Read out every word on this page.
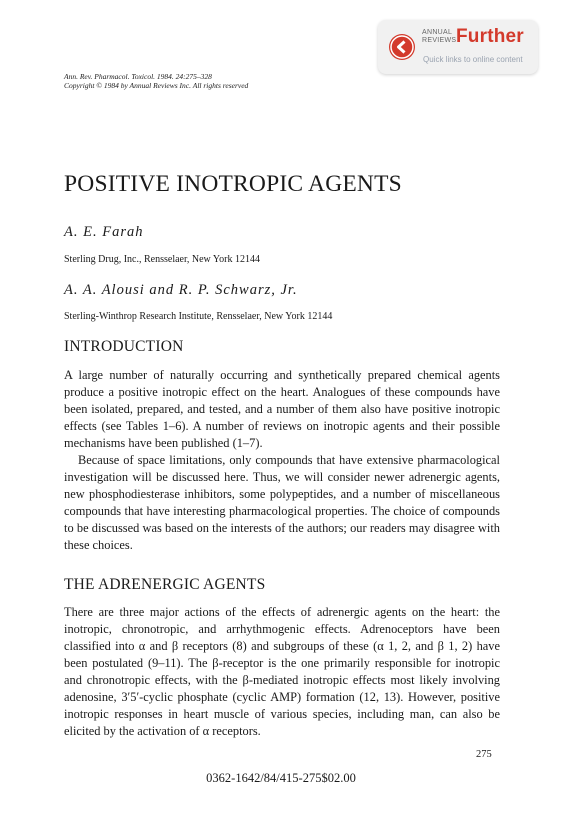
ANNUAL
REVIEWS Further
Quick links to online content
Ann. Rev. Pharmacol. Toxicol. 1984. 24:275–328
Copyright © 1984 by Annual Reviews Inc. All rights reserved
POSITIVE INOTROPIC AGENTS
A. E. Farah
Sterling Drug, Inc., Rensselaer, New York 12144
A. A. Alousi and R. P. Schwarz, Jr.
Sterling-Winthrop Research Institute, Rensselaer, New York 12144
INTRODUCTION

A large number of naturally occurring and synthetically prepared chemical agents produce a positive inotropic effect on the heart. Analogues of these compounds have been isolated, prepared, and tested, and a number of them also have positive inotropic effects (see Tables 1–6). A number of reviews on inotropic agents and their possible mechanisms have been published (1–7).

Because of space limitations, only compounds that have extensive pharmacological investigation will be discussed here. Thus, we will consider newer adrenergic agents, new phosphodiesterase inhibitors, some polypeptides, and a number of miscellaneous compounds that have interesting pharmacological properties. The choice of compounds to be discussed was based on the interests of the authors; our readers may disagree with these choices.

THE ADRENERGIC AGENTS

There are three major actions of the effects of adrenergic agents on the heart: the inotropic, chronotropic, and arrhythmogenic effects. Adrenoceptors have been classified into α and β receptors (8) and subgroups of these (α 1, 2, and β 1, 2) have been postulated (9–11). The β-receptor is the one primarily responsible for inotropic and chronotropic effects, with the β-mediated inotropic effects most likely involving adenosine, 3′5′-cyclic phosphate (cyclic AMP) formation (12, 13). However, positive inotropic responses in heart muscle of various species, including man, can also be elicited by the activation of α receptors.

275
0362-1642/84/415-275$02.00
